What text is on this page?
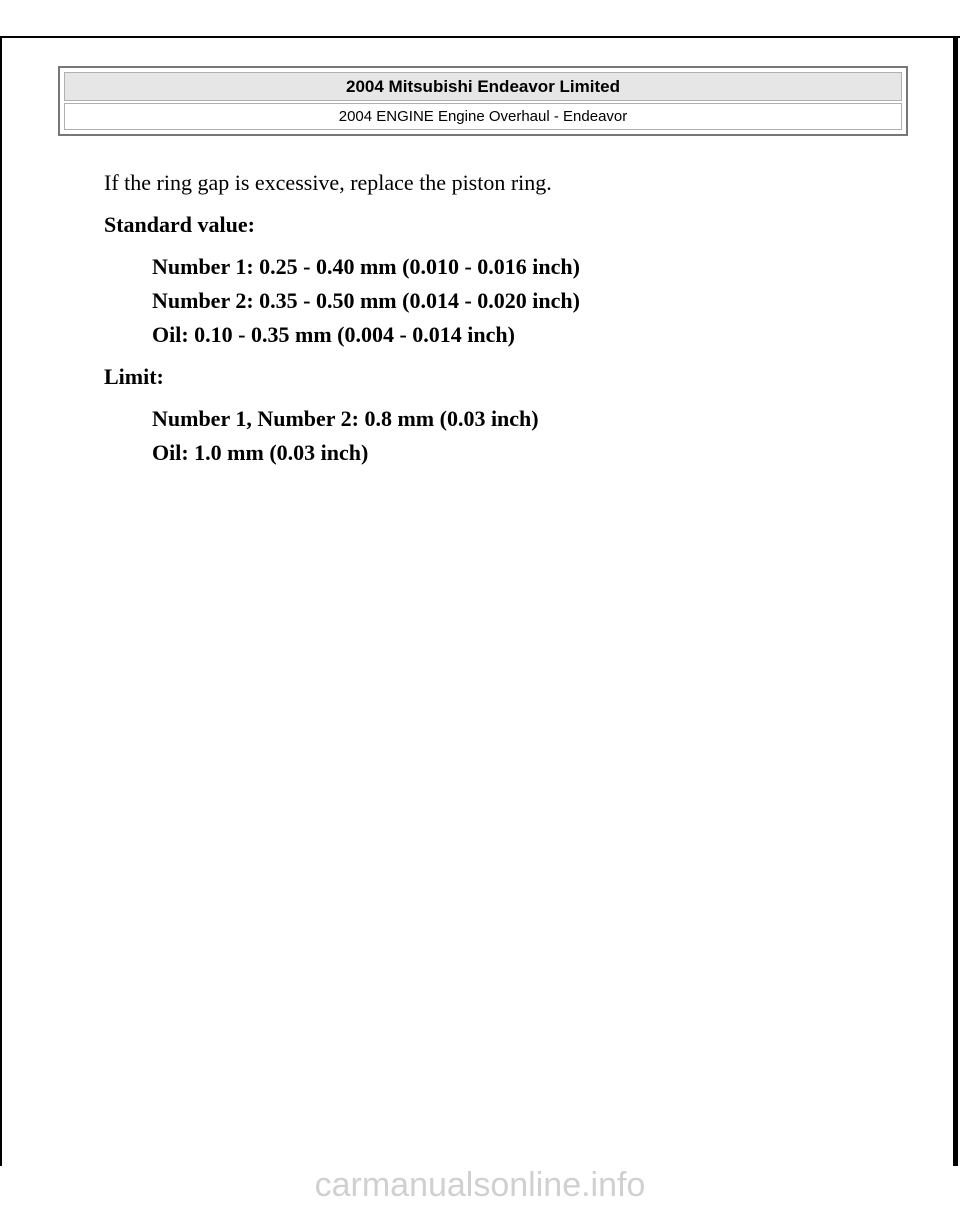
2004 Mitsubishi Endeavor Limited
2004 ENGINE Engine Overhaul - Endeavor

If the ring gap is excessive, replace the piston ring.

Standard value:

Number 1: 0.25 - 0.40 mm (0.010 - 0.016 inch)
Number 2: 0.35 - 0.50 mm (0.014 - 0.020 inch)
Oil: 0.10 - 0.35 mm (0.004 - 0.014 inch)

Limit:

Number 1, Number 2: 0.8 mm (0.03 inch)
Oil: 1.0 mm (0.03 inch)
carmanualsonline.info
